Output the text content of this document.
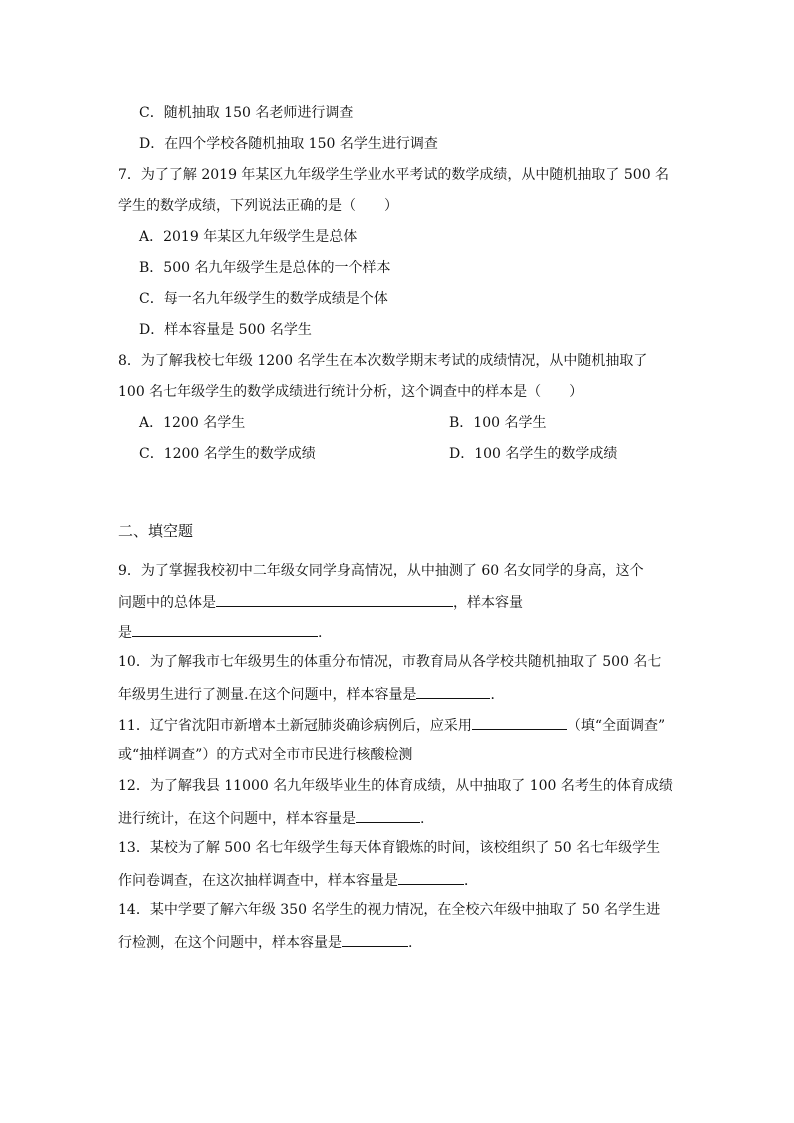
C．随机抽取 150 名老师进行调查
D．在四个学校各随机抽取 150 名学生进行调查
7．为了了解 2019 年某区九年级学生学业水平考试的数学成绩，从中随机抽取了 500 名
学生的数学成绩，下列说法正确的是（　　）
A．2019 年某区九年级学生是总体
B．500 名九年级学生是总体的一个样本
C．每一名九年级学生的数学成绩是个体
D．样本容量是 500 名学生
8．为了解我校七年级 1200 名学生在本次数学期末考试的成绩情况，从中随机抽取了
100 名七年级学生的数学成绩进行统计分析，这个调查中的样本是（　　）
A．1200 名学生	B．100 名学生
C．1200 名学生的数学成绩	D．100 名学生的数学成绩
二、填空题
9．为了掌握我校初中二年级女同学身高情况，从中抽测了 60 名女同学的身高，这个
问题中的总体是	，样本容量
是	.
10．为了解我市七年级男生的体重分布情况，市教育局从各学校共随机抽取了 500 名七
年级男生进行了测量.在这个问题中，样本容量是	．
11．辽宁省沈阳市新增本土新冠肺炎确诊病例后，应采用	（填“全面调查”
或“抽样调查”）的方式对全市市民进行核酸检测
12．为了解我县 11000 名九年级毕业生的体育成绩，从中抽取了 100 名考生的体育成绩
进行统计，在这个问题中，样本容量是	.
13．某校为了解 500 名七年级学生每天体育锻炼的时间，该校组织了 50 名七年级学生
作问卷调查，在这次抽样调查中，样本容量是	．
14．某中学要了解六年级 350 名学生的视力情况，在全校六年级中抽取了 50 名学生进
行检测，在这个问题中，样本容量是	.
